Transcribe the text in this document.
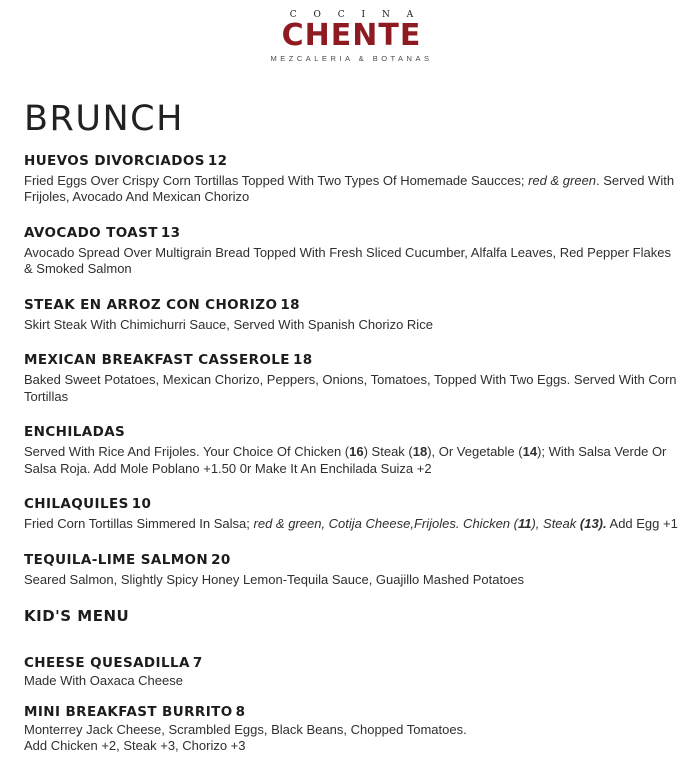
C O C I N A
CHENTE
MEZCALERIA & BOTANAS
BRUNCH
HUEVOS DIVORCIADOS 12

Fried Eggs Over Crispy Corn Tortillas Topped With Two Types Of Homemade Saucces; red & green. Served With Frijoles, Avocado And Mexican Chorizo

AVOCADO TOAST 13

Avocado Spread Over Multigrain Bread Topped With Fresh Sliced Cucumber, Alfalfa Leaves, Red Pepper Flakes & Smoked Salmon

STEAK EN ARROZ CON CHORIZO 18

Skirt Steak With Chimichurri Sauce, Served With Spanish Chorizo Rice

MEXICAN BREAKFAST CASSEROLE 18

Baked Sweet Potatoes, Mexican Chorizo, Peppers, Onions, Tomatoes, Topped With Two Eggs. Served With Corn Tortillas

ENCHILADAS

Served With Rice And Frijoles. Your Choice Of Chicken (16) Steak (18), Or Vegetable (14); With Salsa Verde Or Salsa Roja. Add Mole Poblano +1.50 0r Make It An Enchilada Suiza +2

CHILAQUILES 10

Fried Corn Tortillas Simmered In Salsa; red & green, Cotija Cheese,Frijoles. Chicken (11), Steak (13). Add Egg +1

TEQUILA-LIME SALMON 20

Seared Salmon, Slightly Spicy Honey Lemon-Tequila Sauce, Guajillo Mashed Potatoes

KID'S MENU
CHEESE QUESADILLA 7

Made With Oaxaca Cheese

MINI BREAKFAST BURRITO 8

Monterrey Jack Cheese, Scrambled Eggs, Black Beans, Chopped Tomatoes.
Add Chicken +2, Steak +3, Chorizo +3
